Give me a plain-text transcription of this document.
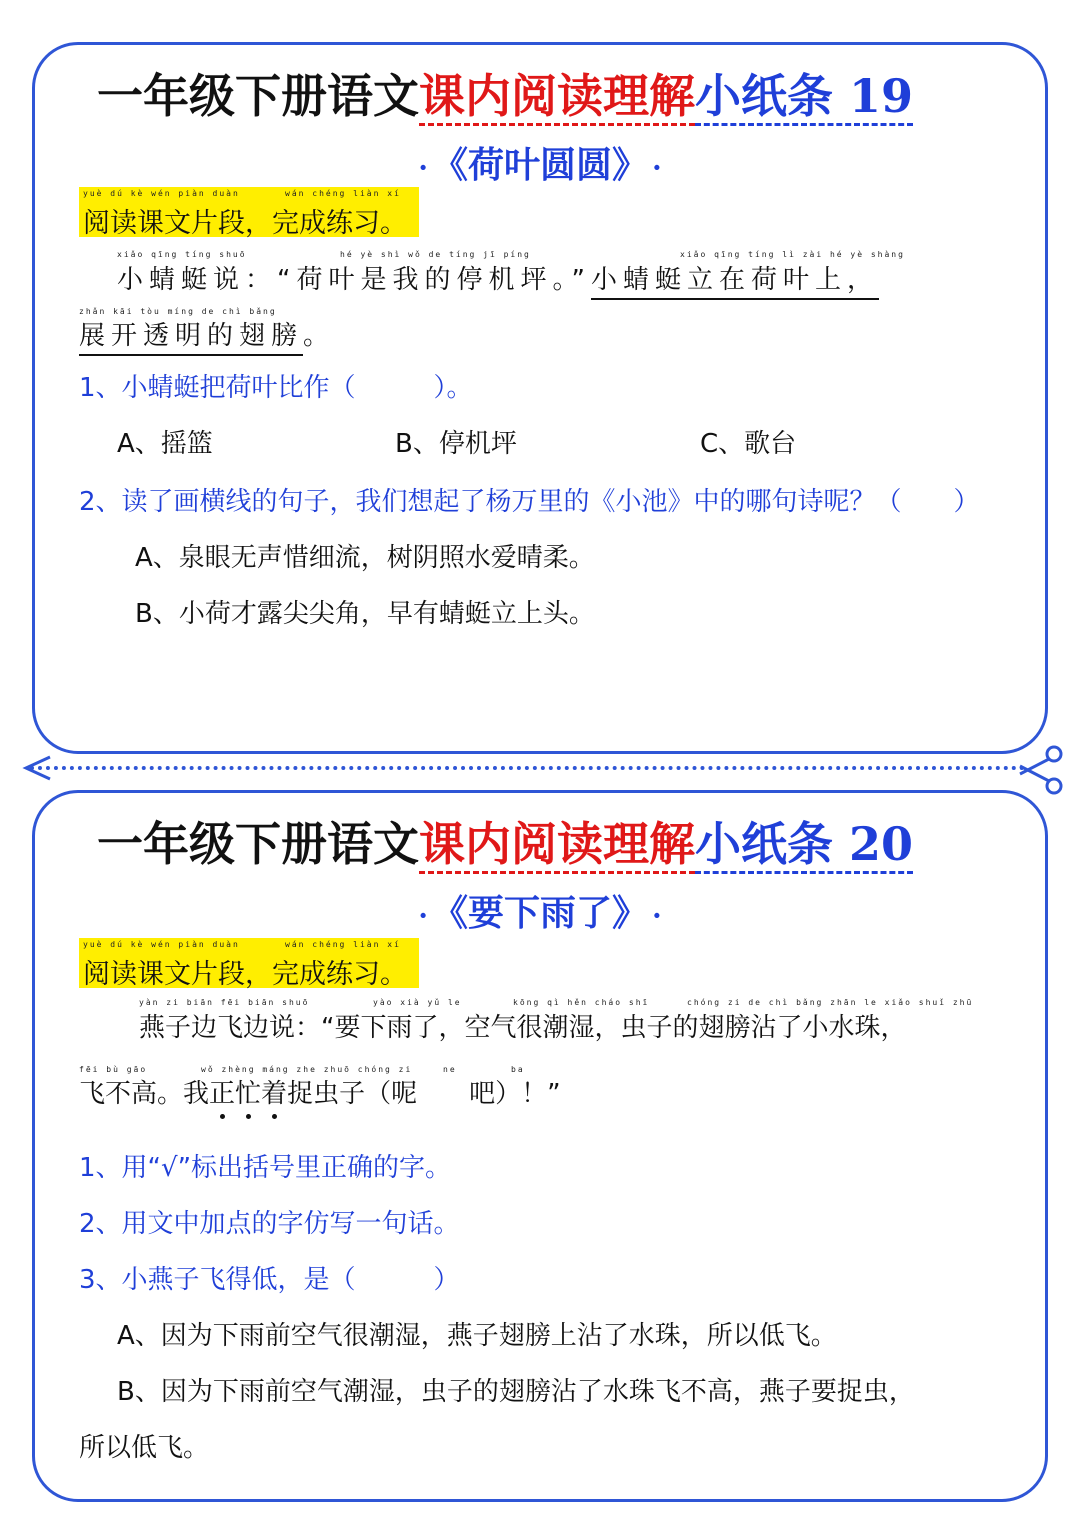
一年级下册语文课内阅读理解小纸条 19
· 《荷叶圆圆》 ·
yuè dú kè wén piàn duàn	wán chéng liàn xí
阅读课文片段，完成练习。
xiǎo qīng tíng shuō	hé yè shì wǒ de tíng jī píng	xiǎo qīng tíng lì zài hé yè shàng
小蜻蜓说：“荷叶是我的停机坪。”小蜻蜓立在荷叶上，
zhǎn kāi tòu míng de chì bǎng
展开透明的翅膀。
1、小蜻蜓把荷叶比作（　　　）。
A、摇篮	B、停机坪	C、歌台
2、读了画横线的句子，我们想起了杨万里的《小池》中的哪句诗呢？（　　）
A、泉眼无声惜细流，树阴照水爱晴柔。
B、小荷才露尖尖角，早有蜻蜓立上头。
一年级下册语文课内阅读理解小纸条 20
· 《要下雨了》 ·
yuè dú kè wén piàn duàn	wán chéng liàn xí
阅读课文片段，完成练习。
yàn zi biān fēi biān shuō	yào xià yǔ le	kōng qì hěn cháo shī	chóng zi de chì bǎng zhān le xiǎo shuǐ zhū
燕子边飞边说：“要下雨了，空气很潮湿，虫子的翅膀沾了小水珠，
fēi bù gāo	wǒ zhèng máng zhe zhuō chóng zi	ne	ba
飞不高。我正忙着捉虫子（呢　　吧）！”
1、用“√”标出括号里正确的字。
2、用文中加点的字仿写一句话。
3、小燕子飞得低，是（　　　）
A、因为下雨前空气很潮湿，燕子翅膀上沾了水珠，所以低飞。
B、因为下雨前空气潮湿，虫子的翅膀沾了水珠飞不高，燕子要捉虫，
所以低飞。
